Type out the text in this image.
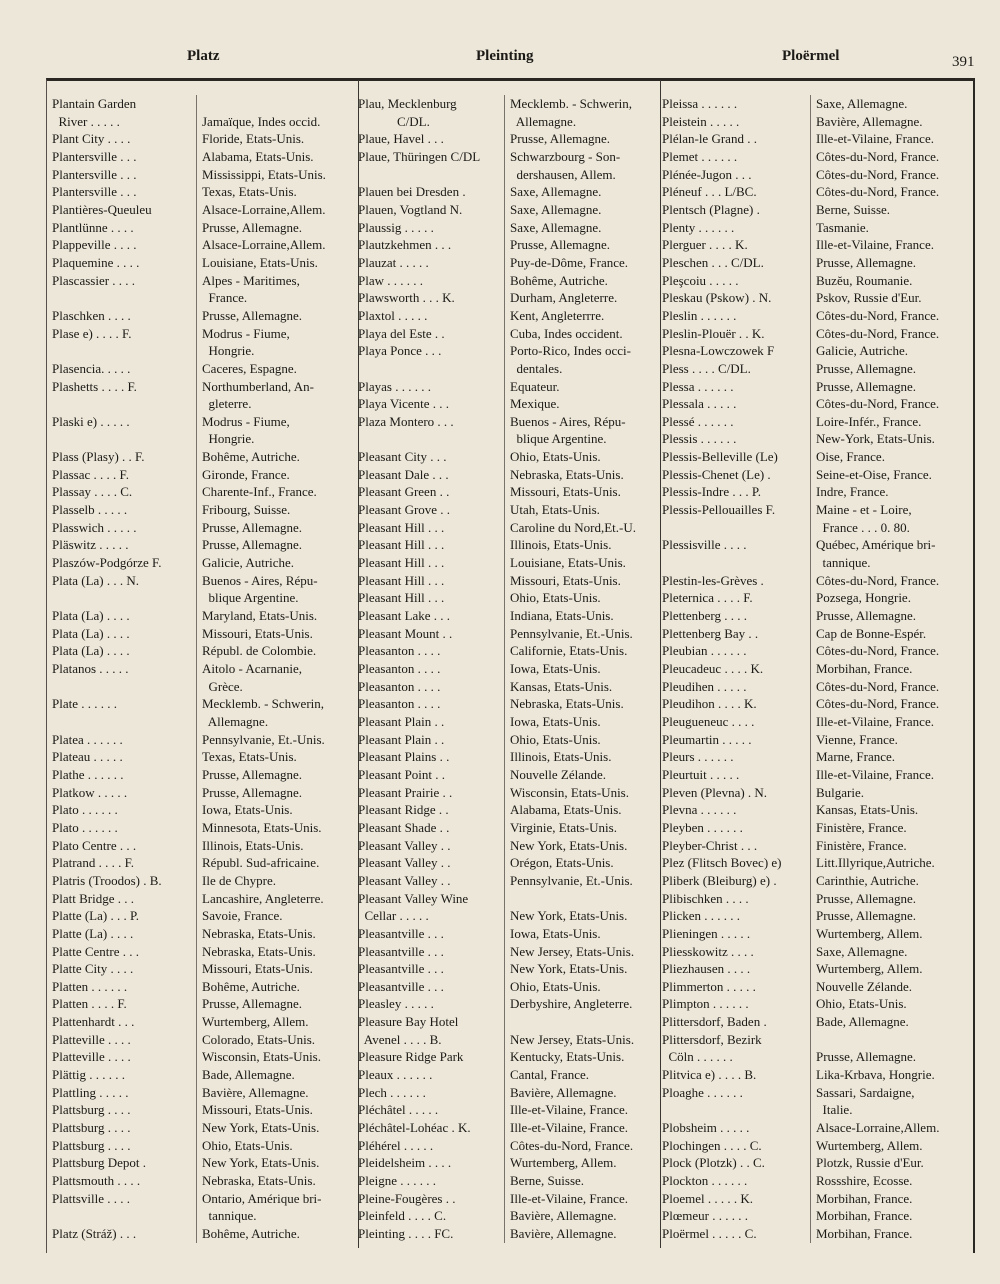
Platz	Pleinting	Ploërmel	391
Plantain Garden
River . . . . .	Jamaïque, Indes occid.
Plant City . . . .	Floride, Etats-Unis.
Plantersville . . .	Alabama, Etats-Unis.
Plantersville . . .	Mississippi, Etats-Unis.
Plantersville . . .	Texas, Etats-Unis.
Plantières-Queuleu	Alsace-Lorraine,Allem.
Plantlünne . . . .	Prusse, Allemagne.
Plappeville . . . .	Alsace-Lorraine,Allem.
Plaquemine . . . .	Louisiane, Etats-Unis.
Plascassier . . . .	Alpes - Maritimes,
France.
Plaschken . . . .	Prusse, Allemagne.
Plase e) . . . . F.	Modrus - Fiume,
Hongrie.
Plasencia. . . . .	Caceres, Espagne.
Plashetts . . . . F.	Northumberland, An-
gleterre.
Plaski e) . . . . .	Modrus - Fiume,
Hongrie.
Plass (Plasy) . . F.	Bohême, Autriche.
Plassac . . . . F.	Gironde, France.
Plassay . . . . C.	Charente-Inf., France.
Plasselb . . . . .	Fribourg, Suisse.
Plasswich . . . . .	Prusse, Allemagne.
Pläswitz . . . . .	Prusse, Allemagne.
Plaszów-Podgórze F.	Galicie, Autriche.
Plata (La) . . . N.	Buenos - Aires, Répu-
blique Argentine.
Plata (La) . . . .	Maryland, Etats-Unis.
Plata (La) . . . .	Missouri, Etats-Unis.
Plata (La) . . . .	Républ. de Colombie.
Platanos . . . . .	Aitolo - Acarnanie,
Grèce.
Plate . . . . . .	Mecklemb. - Schwerin,
Allemagne.
Platea . . . . . .	Pennsylvanie, Et.-Unis.
Plateau . . . . .	Texas, Etats-Unis.
Plathe . . . . . .	Prusse, Allemagne.
Platkow . . . . .	Prusse, Allemagne.
Plato . . . . . .	Iowa, Etats-Unis.
Plato . . . . . .	Minnesota, Etats-Unis.
Plato Centre . . .	Illinois, Etats-Unis.
Platrand . . . . F.	Républ. Sud-africaine.
Platris (Troodos) . B.	Ile de Chypre.
Platt Bridge . . .	Lancashire, Angleterre.
Platte (La) . . . P.	Savoie, France.
Platte (La) . . . .	Nebraska, Etats-Unis.
Platte Centre . . .	Nebraska, Etats-Unis.
Platte City . . . .	Missouri, Etats-Unis.
Platten . . . . . .	Bohême, Autriche.
Platten . . . . F.	Prusse, Allemagne.
Plattenhardt . . .	Wurtemberg, Allem.
Platteville . . . .	Colorado, Etats-Unis.
Platteville . . . .	Wisconsin, Etats-Unis.
Plättig . . . . . .	Bade, Allemagne.
Plattling . . . . .	Bavière, Allemagne.
Plattsburg . . . .	Missouri, Etats-Unis.
Plattsburg . . . .	New York, Etats-Unis.
Plattsburg . . . .	Ohio, Etats-Unis.
Plattsburg Depot .	New York, Etats-Unis.
Plattsmouth . . . .	Nebraska, Etats-Unis.
Plattsville . . . .	Ontario, Amérique bri-
tannique.
Platz (Stráž) . . .	Bohême, Autriche.
Plau, Mecklenburg	Mecklemb. - Schwerin,
C/DL.	Allemagne.
Plaue, Havel . . .	Prusse, Allemagne.
Plaue, Thüringen C/DL	Schwarzbourg - Son-
dershausen, Allem.
Plauen bei Dresden .	Saxe, Allemagne.
Plauen, Vogtland N.	Saxe, Allemagne.
Plaussig . . . . .	Saxe, Allemagne.
Plautzkehmen . . .	Prusse, Allemagne.
Plauzat . . . . .	Puy-de-Dôme, France.
Plaw . . . . . .	Bohême, Autriche.
Plawsworth . . . K.	Durham, Angleterre.
Plaxtol . . . . .	Kent, Angleterrre.
Playa del Este . .	Cuba, Indes occident.
Playa Ponce . . .	Porto-Rico, Indes occi-
dentales.
Playas . . . . . .	Equateur.
Playa Vicente . . .	Mexique.
Plaza Montero . . .	Buenos - Aires, Répu-
blique Argentine.
Pleasant City . . .	Ohio, Etats-Unis.
Pleasant Dale . . .	Nebraska, Etats-Unis.
Pleasant Green . .	Missouri, Etats-Unis.
Pleasant Grove . .	Utah, Etats-Unis.
Pleasant Hill . . .	Caroline du Nord,Et.-U.
Pleasant Hill . . .	Illinois, Etats-Unis.
Pleasant Hill . . .	Louisiane, Etats-Unis.
Pleasant Hill . . .	Missouri, Etats-Unis.
Pleasant Hill . . .	Ohio, Etats-Unis.
Pleasant Lake . . .	Indiana, Etats-Unis.
Pleasant Mount . .	Pennsylvanie, Et.-Unis.
Pleasanton . . . .	Californie, Etats-Unis.
Pleasanton . . . .	Iowa, Etats-Unis.
Pleasanton . . . .	Kansas, Etats-Unis.
Pleasanton . . . .	Nebraska, Etats-Unis.
Pleasant Plain . .	Iowa, Etats-Unis.
Pleasant Plain . .	Ohio, Etats-Unis.
Pleasant Plains . .	Illinois, Etats-Unis.
Pleasant Point . .	Nouvelle Zélande.
Pleasant Prairie . .	Wisconsin, Etats-Unis.
Pleasant Ridge . .	Alabama, Etats-Unis.
Pleasant Shade . .	Virginie, Etats-Unis.
Pleasant Valley . .	New York, Etats-Unis.
Pleasant Valley . .	Orégon, Etats-Unis.
Pleasant Valley . .	Pennsylvanie, Et.-Unis.
Pleasant Valley Wine
Cellar . . . . .	New York, Etats-Unis.
Pleasantville . . .	Iowa, Etats-Unis.
Pleasantville . . .	New Jersey, Etats-Unis.
Pleasantville . . .	New York, Etats-Unis.
Pleasantville . . .	Ohio, Etats-Unis.
Pleasley . . . . .	Derbyshire, Angleterre.
Pleasure Bay Hotel
Avenel . . . . B.	New Jersey, Etats-Unis.
Pleasure Ridge Park	Kentucky, Etats-Unis.
Pleaux . . . . . .	Cantal, France.
Plech . . . . . .	Bavière, Allemagne.
Pléchâtel . . . . .	Ille-et-Vilaine, France.
Pléchâtel-Lohéac . K.	Ille-et-Vilaine, France.
Pléhérel . . . . .	Côtes-du-Nord, France.
Pleidelsheim . . . .	Wurtemberg, Allem.
Pleigne . . . . . .	Berne, Suisse.
Pleine-Fougères . .	Ille-et-Vilaine, France.
Pleinfeld . . . . C.	Bavière, Allemagne.
Pleinting . . . . FC.	Bavière, Allemagne.
Pleissa . . . . . .	Saxe, Allemagne.
Pleistein . . . . .	Bavière, Allemagne.
Plélan-le Grand . .	Ille-et-Vilaine, France.
Plemet . . . . . .	Côtes-du-Nord, France.
Plénée-Jugon . . .	Côtes-du-Nord, France.
Pléneuf . . . L/BC.	Côtes-du-Nord, France.
Plentsch (Plagne) .	Berne, Suisse.
Plenty . . . . . .	Tasmanie.
Plerguer . . . . K.	Ille-et-Vilaine, France.
Pleschen . . . C/DL.	Prusse, Allemagne.
Pleşcoiu . . . . .	Buzĕu, Roumanie.
Pleskau (Pskow) . N.	Pskov, Russie d'Eur.
Pleslin . . . . . .	Côtes-du-Nord, France.
Pleslin-Plouër . . K.	Côtes-du-Nord, France.
Plesna-Lowczowek F	Galicie, Autriche.
Pless . . . . C/DL.	Prusse, Allemagne.
Plessa . . . . . .	Prusse, Allemagne.
Plessala . . . . .	Côtes-du-Nord, France.
Plessé . . . . . .	Loire-Infér., France.
Plessis . . . . . .	New-York, Etats-Unis.
Plessis-Belleville (Le)	Oise, France.
Plessis-Chenet (Le) .	Seine-et-Oise, France.
Plessis-Indre . . . P.	Indre, France.
Plessis-Pellouailles F.	Maine - et - Loire,
France . . . 0. 80.
Plessisville . . . .	Québec, Amérique bri-
tannique.
Plestin-les-Grèves .	Côtes-du-Nord, France.
Pleternica . . . . F.	Pozsega, Hongrie.
Plettenberg . . . .	Prusse, Allemagne.
Plettenberg Bay . .	Cap de Bonne-Espér.
Pleubian . . . . . .	Côtes-du-Nord, France.
Pleucadeuc . . . . K.	Morbihan, France.
Pleudihen . . . . .	Côtes-du-Nord, France.
Pleudihon . . . . K.	Côtes-du-Nord, France.
Pleugueneuc . . . .	Ille-et-Vilaine, France.
Pleumartin . . . . .	Vienne, France.
Pleurs . . . . . .	Marne, France.
Pleurtuit . . . . .	Ille-et-Vilaine, France.
Pleven (Plevna) . N.	Bulgarie.
Plevna . . . . . .	Kansas, Etats-Unis.
Pleyben . . . . . .	Finistère, France.
Pleyber-Christ . . .	Finistère, France.
Plez (Flitsch Bovec) e)	Litt.Illyrique,Autriche.
Pliberk (Bleiburg) e) .	Carinthie, Autriche.
Plibischken . . . .	Prusse, Allemagne.
Plicken . . . . . .	Prusse, Allemagne.
Plieningen . . . . .	Wurtemberg, Allem.
Pliesskowitz . . . .	Saxe, Allemagne.
Pliezhausen . . . .	Wurtemberg, Allem.
Plimmerton . . . . .	Nouvelle Zélande.
Plimpton . . . . . .	Ohio, Etats-Unis.
Plittersdorf, Baden .	Bade, Allemagne.
Plittersdorf, Bezirk
Cöln . . . . . .	Prusse, Allemagne.
Plitvica e) . . . . B.	Lika-Krbava, Hongrie.
Ploaghe . . . . . .	Sassari, Sardaigne,
Italie.
Plobsheim . . . . .	Alsace-Lorraine,Allem.
Plochingen . . . . C.	Wurtemberg, Allem.
Plock (Plotzk) . . C.	Plotzk, Russie d'Eur.
Plockton . . . . . .	Rossshire, Ecosse.
Ploemel . . . . . K.	Morbihan, France.
Plœmeur . . . . . .	Morbihan, France.
Ploërmel . . . . . C.	Morbihan, France.
